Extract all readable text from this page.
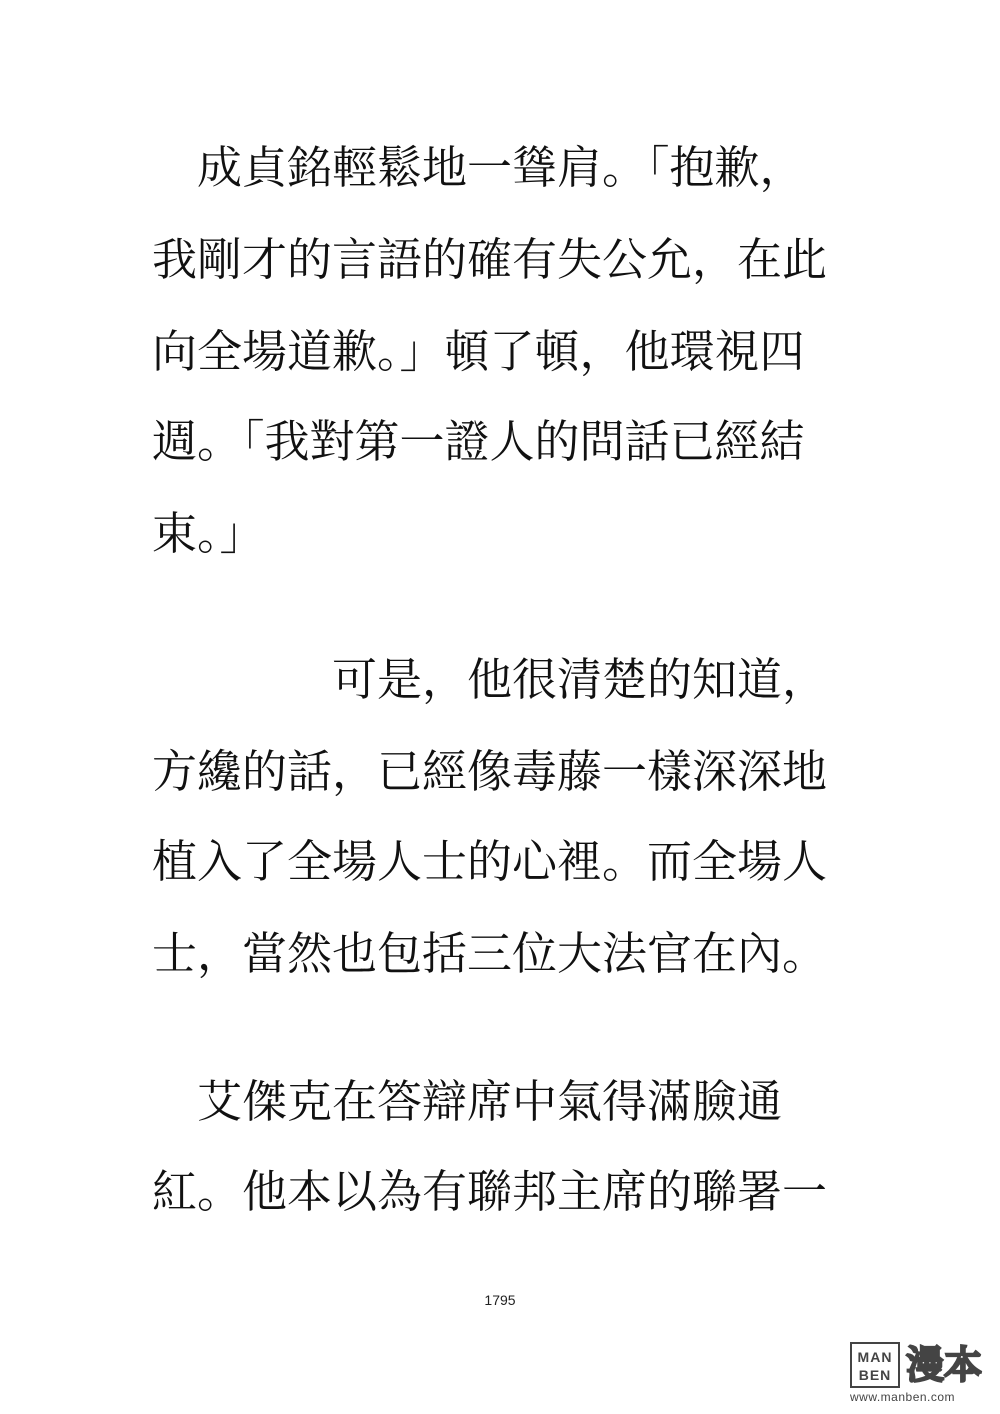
　成貞銘輕鬆地一聳肩。「抱歉，
我剛才的言語的確有失公允，在此
向全場道歉。」頓了頓，他環視四
週。「我對第一證人的問話已經結
束。」
　　　　可是，他很清楚的知道，
方纔的話，已經像毒藤一樣深深地
植入了全場人士的心裡。而全場人
士，當然也包括三位大法官在內。
　艾傑克在答辯席中氣得滿臉通
紅。他本以為有聯邦主席的聯署一
1795
MAN
BEN 漫本
www.manben.com
